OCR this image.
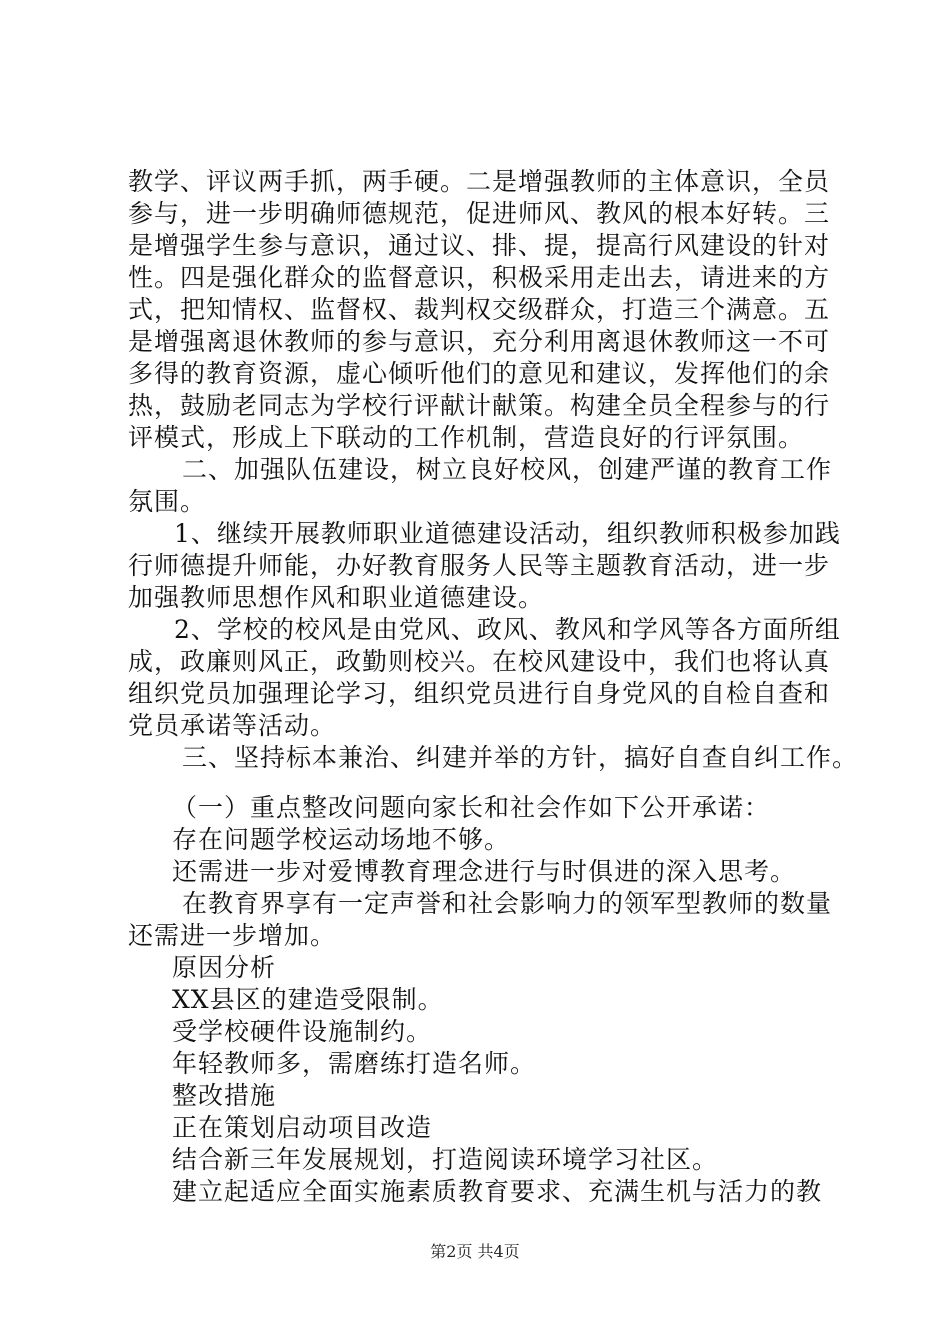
教学、评议两手抓，两手硬。二是增强教师的主体意识，全员
参与，进一步明确师德规范，促进师风、教风的根本好转。三
是增强学生参与意识，通过议、排、提，提高行风建设的针对
性。四是强化群众的监督意识，积极采用走出去，请进来的方
式，把知情权、监督权、裁判权交级群众，打造三个满意。五
是增强离退休教师的参与意识，充分利用离退休教师这一不可
多得的教育资源，虚心倾听他们的意见和建议，发挥他们的余
热，鼓励老同志为学校行评献计献策。构建全员全程参与的行
评模式，形成上下联动的工作机制，营造良好的行评氛围。
二、加强队伍建设，树立良好校风，创建严谨的教育工作
氛围。
1、继续开展教师职业道德建设活动，组织教师积极参加践
行师德提升师能，办好教育服务人民等主题教育活动，进一步
加强教师思想作风和职业道德建设。
2、学校的校风是由党风、政风、教风和学风等各方面所组
成，政廉则风正，政勤则校兴。在校风建设中，我们也将认真
组织党员加强理论学习，组织党员进行自身党风的自检自查和
党员承诺等活动。
三、坚持标本兼治、纠建并举的方针，搞好自查自纠工作。
（一）重点整改问题向家长和社会作如下公开承诺：
存在问题学校运动场地不够。
还需进一步对爱博教育理念进行与时俱进的深入思考。
在教育界享有一定声誉和社会影响力的领军型教师的数量
还需进一步增加。
原因分析
XX县区的建造受限制。
受学校硬件设施制约。
年轻教师多，需磨练打造名师。
整改措施
正在策划启动项目改造
结合新三年发展规划，打造阅读环境学习社区。
建立起适应全面实施素质教育要求、充满生机与活力的教
第2页 共4页
